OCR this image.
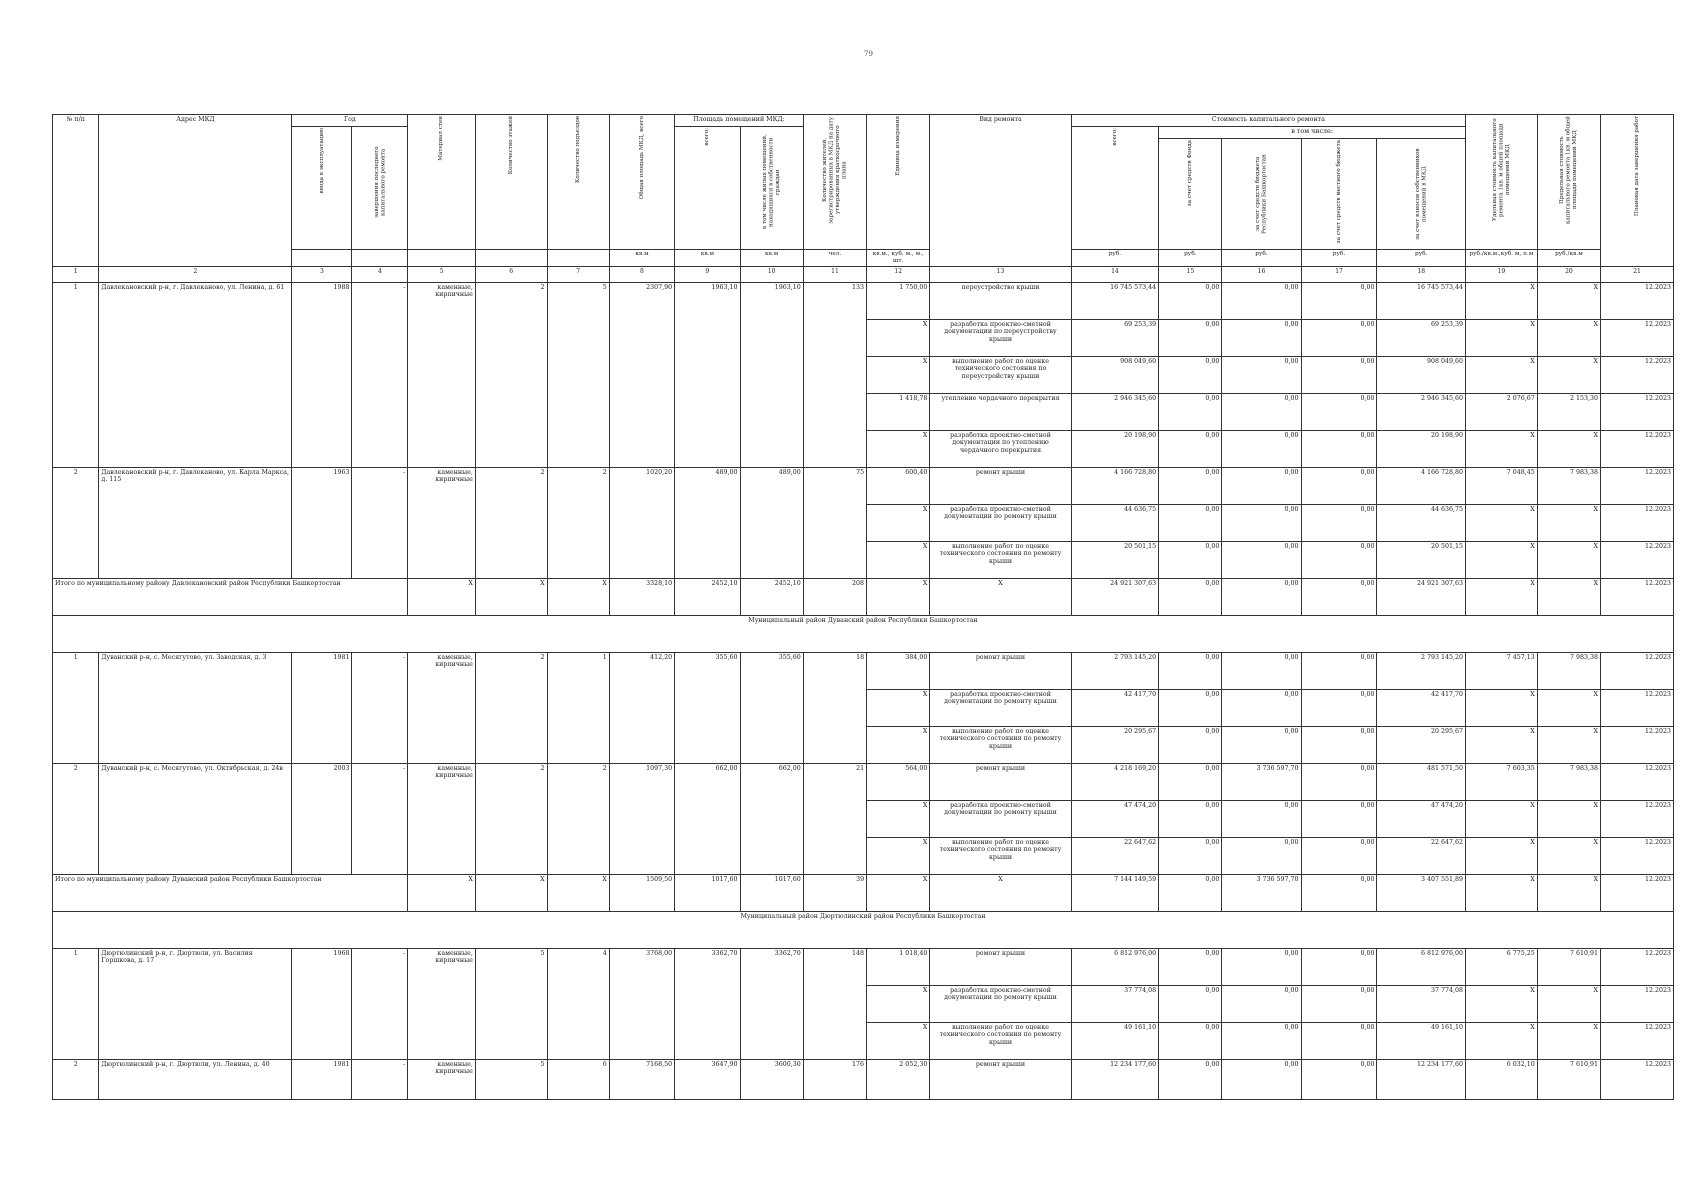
79
№ п/п	Адрес МКД	Год		Материал стен	Количество этажей	Количество подъездов	Общая площадь МКД, всего	Площадь помещений МКД:		Количество жителей, зарегистрированных в МКД на дату утверждения краткосрочного плана	Единица измерения	Вид ремонта	Стоимость капитального ремонта					Удельная стоимость капитального ремонта 1кв. м общей площади помещений МКД	Предельная стоимость капитального ремонта 1кв. м общей площади помещений МКД	Плановая дата завершения работ

		ввода в эксплуатацию	завершения последнего капитального ремонта					всего:	в том числе жилых помещений, находящихся в собственности граждан				всего:	в том числе:						

														за счет средств Фонда	за счет средств бюджета Республики Башкортостан	за счет средств местного бюджета	за счет взносов собственников помещений в МКД			

							кв.м	кв.м	кв.м	чел.	кв.м., куб. м., м., шт.		руб.	руб.	руб.	руб.	руб.	руб./кв.м.,куб. м, п.м	руб./кв.м	
1	2	3	4	5	6	7	8	9	10	11	12	13	14	15	16	17	18	19	20	21
1	Давлекановский р-н, г. Давлеканово, ул. Ленина, д. 61	1988	-	каменные, кирпичные	2	5	2307,90	1963,10	1963,10	133	1 750,00	переустройство крыши	16 745 573,44	0,00	0,00	0,00	16 745 573,44	X	X	12.2023
											X	разработка проектно-сметной документации по переустройству крыши	69 253,39	0,00	0,00	0,00	69 253,39	X	X	12.2023
											X	выполнение работ по оценке технического состояния по переустройству крыши	908 049,60	0,00	0,00	0,00	908 049,60	X	X	12.2023
											1 418,78	утепление чердачного перекрытия	2 946 345,60	0,00	0,00	0,00	2 946 345,60	2 076,67	2 153,30	12.2023
											X	разработка проектно-сметной документации по утеплению чердачного перекрытия	20 198,90	0,00	0,00	0,00	20 198,90	X	X	12.2023
2	Давлекановский р-н, г. Давлеканово, ул. Карла Маркса, д. 115	1963	-	каменные, кирпичные	2	2	1020,20	489,00	489,00	75	600,40	ремонт крыши	4 166 728,80	0,00	0,00	0,00	4 166 728,80	7 048,45	7 983,38	12.2023
											X	разработка проектно-сметной документации по ремонту крыши	44 636,75	0,00	0,00	0,00	44 636,75	X	X	12.2023
											X	выполнение работ по оценке технического состояния по ремонту крыши	20 501,15	0,00	0,00	0,00	20 501,15	X	X	12.2023
Итого по муниципальному району Давлекановский район Республики Башкортостан				X	X	X	3328,10	2452,10	2452,10	208	X	X	24 921 307,63	0,00	0,00	0,00	24 921 307,63	X	X	12.2023
Муниципальный район Дуванский район Республики Башкортостан																				
1	Дуванский р-н, с. Месягутово, ул. Заводская, д. 3	1981	-	каменные, кирпичные	2	1	412,20	355,60	355,60	18	384,00	ремонт крыши	2 793 145,20	0,00	0,00	0,00	2 793 145,20	7 457,13	7 983,38	12.2023
											X	разработка проектно-сметной документации по ремонту крыши	42 417,70	0,00	0,00	0,00	42 417,70	X	X	12.2023
											X	выполнение работ по оценке технического состояния по ремонту крыши	20 295,67	0,00	0,00	0,00	20 295,67	X	X	12.2023
2	Дуванский р-н, с. Месягутово, ул. Октябрьская, д. 24в	2003	-	каменные, кирпичные	2	2	1097,30	662,00	662,00	21	564,00	ремонт крыши	4 218 169,20	0,00	3 736 597,70	0,00	481 571,50	7 603,35	7 983,38	12.2023
											X	разработка проектно-сметной документации по ремонту крыши	47 474,20	0,00	0,00	0,00	47 474,20	X	X	12.2023
											X	выполнение работ по оценке технического состояния по ремонту крыши	22 647,62	0,00	0,00	0,00	22 647,62	X	X	12.2023
Итого по муниципальному району Дуванский район Республики Башкортостан				X	X	X	1509,50	1017,60	1017,60	39	X	X	7 144 149,59	0,00	3 736 597,70	0,00	3 407 551,89	X	X	12.2023
Муниципальный район Дюртюлинский район Республики Башкортостан																				
1	Дюртюлинский р-н, г. Дюртюли, ул. Василия Горшкова, д. 17	1968	-	каменные, кирпичные	5	4	3768,00	3362,70	3362,70	148	1 018,40	ремонт крыши	6 812 976,00	0,00	0,00	0,00	6 812 976,00	6 775,25	7 610,91	12.2023
											X	разработка проектно-сметной документации по ремонту крыши	37 774,08	0,00	0,00	0,00	37 774,08	X	X	12.2023
											X	выполнение работ по оценке технического состояния по ремонту крыши	49 161,10	0,00	0,00	0,00	49 161,10	X	X	12.2023
2	Дюртюлинский р-н, г. Дюртюли, ул. Ленина, д. 40	1981	-	каменные, кирпичные	5	6	7168,50	3647,90	3600,30	176	2 052,30	ремонт крыши	12 234 177,60	0,00	0,00	0,00	12 234 177,60	6 032,10	7 610,91	12.2023
